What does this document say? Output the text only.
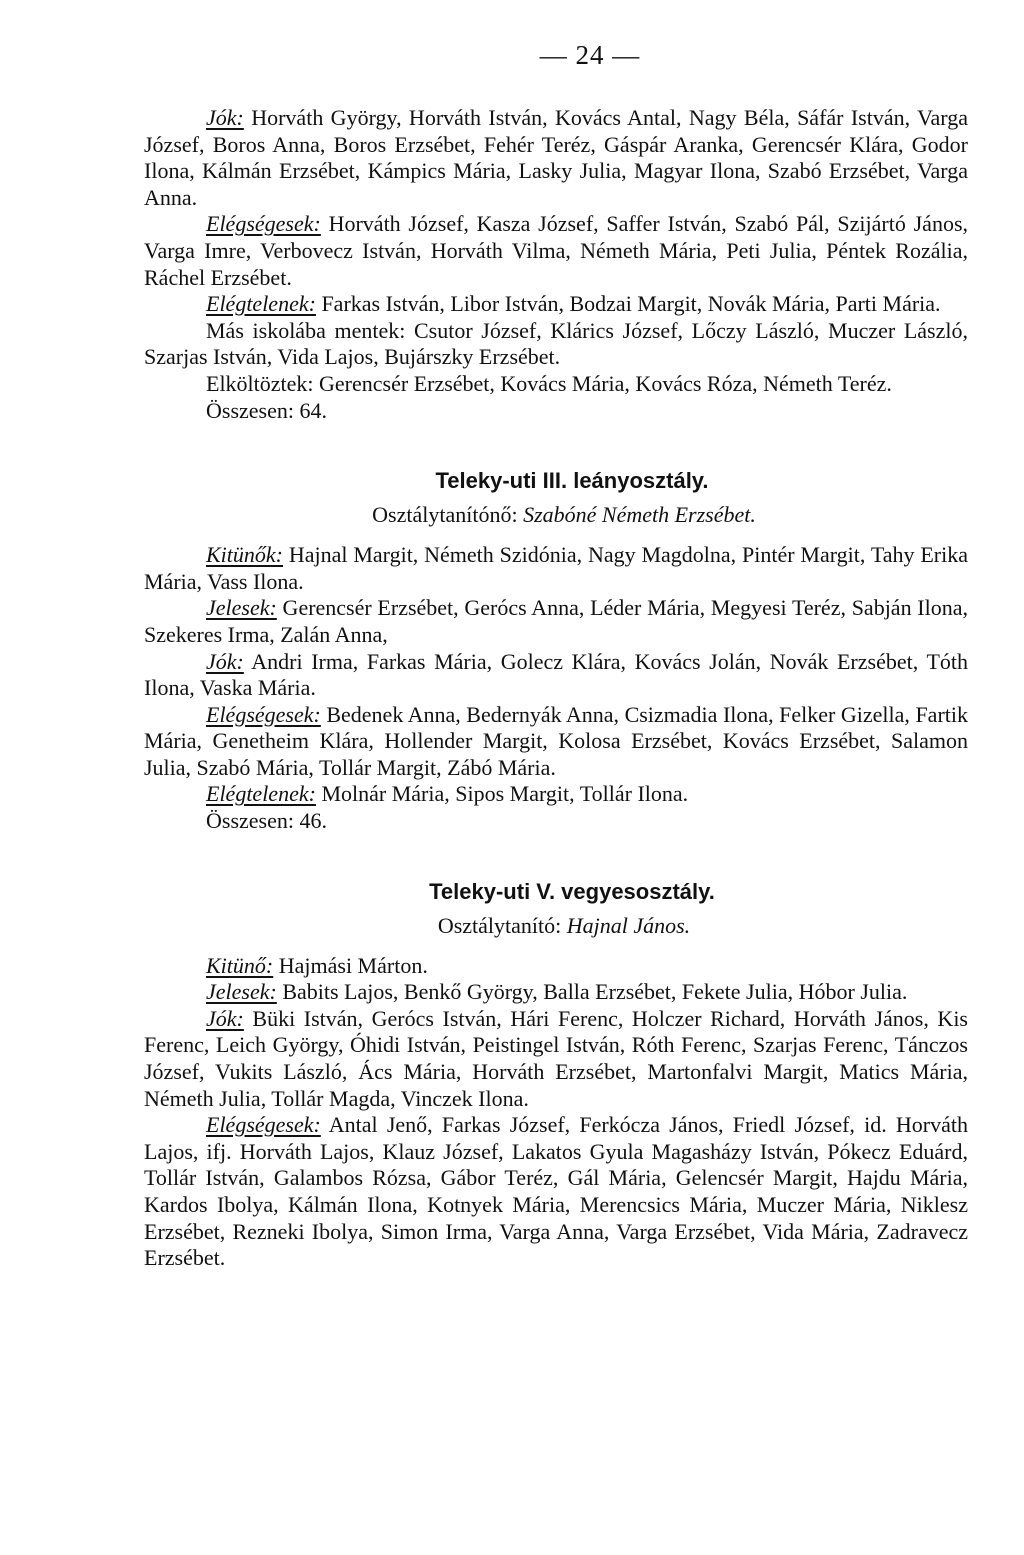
— 24 —

Jók: Horváth György, Horváth István, Kovács Antal, Nagy Béla, Sáfár István, Varga József, Boros Anna, Boros Erzsébet, Fehér Teréz, Gáspár Aranka, Gerencsér Klára, Godor Ilona, Kálmán Erzsébet, Kámpics Mária, Lasky Julia, Magyar Ilona, Szabó Erzsébet, Varga Anna.

Elégségesek: Horváth József, Kasza József, Saffer István, Szabó Pál, Szijártó János, Varga Imre, Verbovecz István, Horváth Vilma, Németh Mária, Peti Julia, Péntek Rozália, Ráchel Erzsébet.

Elégtelenek: Farkas István, Libor István, Bodzai Margit, Novák Mária, Parti Mária.

Más iskolába mentek: Csutor József, Klárics József, Lőczy László, Muczer László, Szarjas István, Vida Lajos, Bujárszky Erzsébet.

Elköltöztek: Gerencsér Erzsébet, Kovács Mária, Kovács Róza, Németh Teréz.

Összesen: 64.

Teleky-uti III. leányosztály.

Osztálytanítónő: Szabóné Németh Erzsébet.

Kitünők: Hajnal Margit, Németh Szidónia, Nagy Magdolna, Pintér Margit, Tahy Erika Mária, Vass Ilona.

Jelesek: Gerencsér Erzsébet, Gerócs Anna, Léder Mária, Megyesi Teréz, Sabján Ilona, Szekeres Irma, Zalán Anna,

Jók: Andri Irma, Farkas Mária, Golecz Klára, Kovács Jolán, Novák Erzsébet, Tóth Ilona, Vaska Mária.

Elégségesek: Bedenek Anna, Bedernyák Anna, Csizmadia Ilona, Felker Gizella, Fartik Mária, Genetheim Klára, Hollender Margit, Kolosa Erzsébet, Kovács Erzsébet, Salamon Julia, Szabó Mária, Tollár Margit, Zábó Mária.

Elégtelenek: Molnár Mária, Sipos Margit, Tollár Ilona.

Összesen: 46.

Teleky-uti V. vegyesosztály.

Osztálytanító: Hajnal János.

Kitünő: Hajmási Márton.

Jelesek: Babits Lajos, Benkő György, Balla Erzsébet, Fekete Julia, Hóbor Julia.

Jók: Büki István, Gerócs István, Hári Ferenc, Holczer Richard, Horváth János, Kis Ferenc, Leich György, Óhidi István, Peistingel István, Róth Ferenc, Szarjas Ferenc, Tánczos József, Vukits László, Ács Mária, Horváth Erzsébet, Martonfalvi Margit, Matics Mária, Németh Julia, Tollár Magda, Vinczek Ilona.

Elégségesek: Antal Jenő, Farkas József, Ferkócza János, Friedl József, id. Horváth Lajos, ifj. Horváth Lajos, Klauz József, Lakatos Gyula Magasházy István, Pókecz Eduárd, Tollár István, Galambos Rózsa, Gábor Teréz, Gál Mária, Gelencsér Margit, Hajdu Mária, Kardos Ibolya, Kálmán Ilona, Kotnyek Mária, Merencsics Mária, Muczer Mária, Niklesz Erzsébet, Rezneki Ibolya, Simon Irma, Varga Anna, Varga Erzsébet, Vida Mária, Zadravecz Erzsébet.
